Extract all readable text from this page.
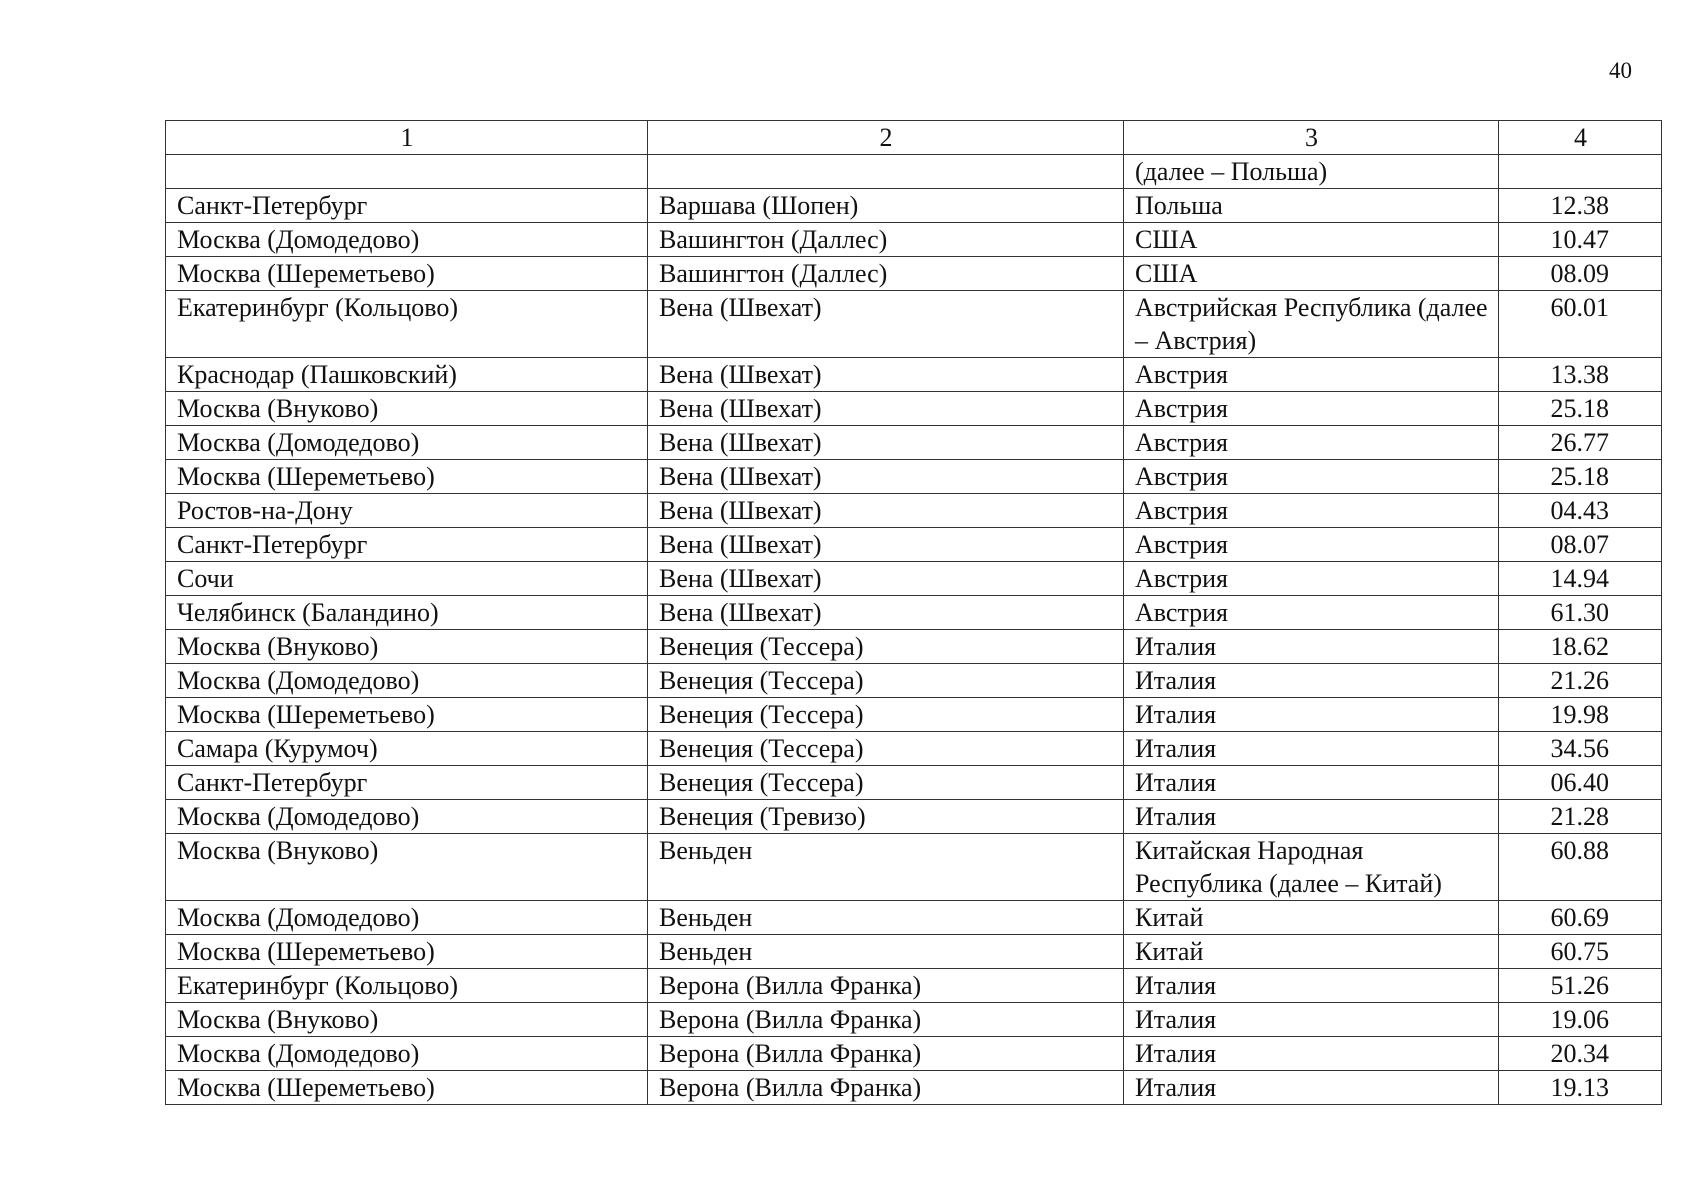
40
1	2	3	4
		(далее – Польша)	
Санкт-Петербург	Варшава (Шопен)	Польша	12.38
Москва (Домодедово)	Вашингтон (Даллес)	США	10.47
Москва (Шереметьево)	Вашингтон (Даллес)	США	08.09
Екатеринбург (Кольцово)	Вена (Швехат)	Австрийская Республика (далее – Австрия)	60.01
Краснодар (Пашковский)	Вена (Швехат)	Австрия	13.38
Москва (Внуково)	Вена (Швехат)	Австрия	25.18
Москва (Домодедово)	Вена (Швехат)	Австрия	26.77
Москва (Шереметьево)	Вена (Швехат)	Австрия	25.18
Ростов-на-Дону	Вена (Швехат)	Австрия	04.43
Санкт-Петербург	Вена (Швехат)	Австрия	08.07
Сочи	Вена (Швехат)	Австрия	14.94
Челябинск (Баландино)	Вена (Швехат)	Австрия	61.30
Москва (Внуково)	Венеция (Тессера)	Италия	18.62
Москва (Домодедово)	Венеция (Тессера)	Италия	21.26
Москва (Шереметьево)	Венеция (Тессера)	Италия	19.98
Самара (Курумоч)	Венеция (Тессера)	Италия	34.56
Санкт-Петербург	Венеция (Тессера)	Италия	06.40
Москва (Домодедово)	Венеция (Тревизо)	Италия	21.28
Москва (Внуково)	Веньден	Китайская Народная Республика (далее – Китай)	60.88
Москва (Домодедово)	Веньден	Китай	60.69
Москва (Шереметьево)	Веньден	Китай	60.75
Екатеринбург (Кольцово)	Верона (Вилла Франка)	Италия	51.26
Москва (Внуково)	Верона (Вилла Франка)	Италия	19.06
Москва (Домодедово)	Верона (Вилла Франка)	Италия	20.34
Москва (Шереметьево)	Верона (Вилла Франка)	Италия	19.13
